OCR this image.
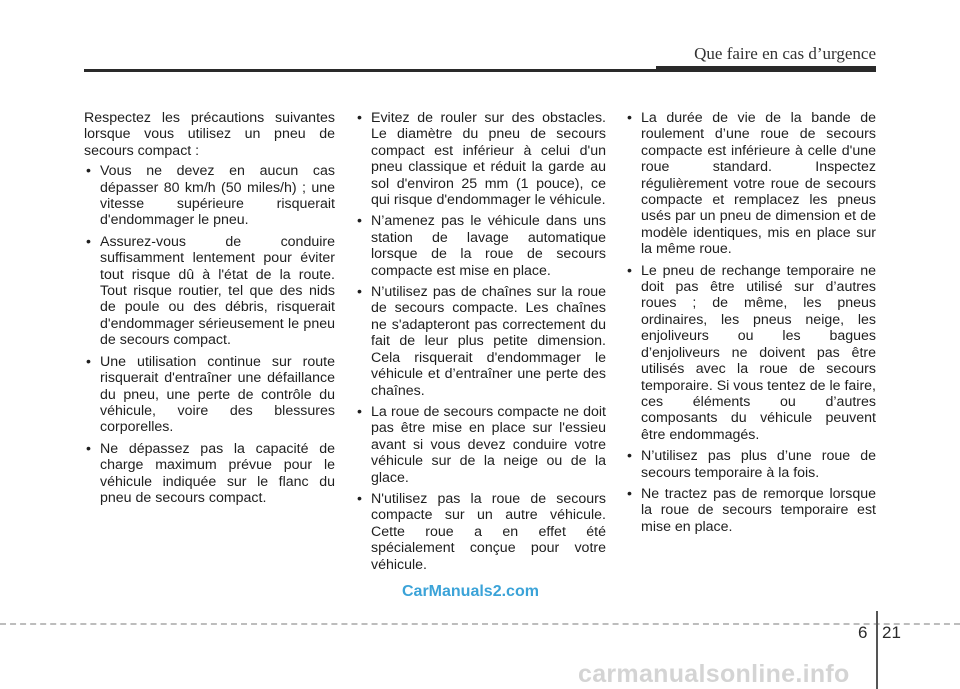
Que faire en cas d’urgence

Respectez les précautions suivantes lorsque vous utilisez un pneu de secours compact :

• Vous ne devez en aucun cas dépasser 80 km/h (50 miles/h) ; une vitesse supérieure risquerait d'endommager le pneu.
• Assurez-vous de conduire suffisamment lentement pour éviter tout risque dû à l'état de la route. Tout risque routier, tel que des nids de poule ou des débris, risquerait d'endommager sérieusement le pneu de secours compact.
• Une utilisation continue sur route risquerait d'entraîner une défaillance du pneu, une perte de contrôle du véhicule, voire des blessures corporelles.
• Ne dépassez pas la capacité de charge maximum prévue pour le véhicule indiquée sur le flanc du pneu de secours compact.
• Evitez de rouler sur des obstacles. Le diamètre du pneu de secours compact est inférieur à celui d'un pneu classique et réduit la garde au sol d'environ 25 mm (1 pouce), ce qui risque d'endommager le véhicule.
• N’amenez pas le véhicule dans uns station de lavage automatique lorsque de la roue de secours compacte est mise en place.
• N’utilisez pas de chaînes sur la roue de secours compacte. Les chaînes ne s'adapteront pas correctement du fait de leur plus petite dimension. Cela risquerait d'endommager le véhicule et d’entraîner une perte des chaînes.
• La roue de secours compacte ne doit pas être mise en place sur l'essieu avant si vous devez conduire votre véhicule sur de la neige ou de la glace.
• N'utilisez pas la roue de secours compacte sur un autre véhicule. Cette roue a en effet été spécialement conçue pour votre véhicule.
• La durée de vie de la bande de roulement d’une roue de secours compacte est inférieure à celle d'une roue standard. Inspectez régulièrement votre roue de secours compacte et remplacez les pneus usés par un pneu de dimension et de modèle identiques, mis en place sur la même roue.
• Le pneu de rechange temporaire ne doit pas être utilisé sur d’autres roues ; de même, les pneus ordinaires, les pneus neige, les enjoliveurs ou les bagues d’enjoliveurs ne doivent pas être utilisés avec la roue de secours temporaire. Si vous tentez de le faire, ces éléments ou d’autres composants du véhicule peuvent être endommagés.
• N’utilisez pas plus d’une roue de secours temporaire à la fois.
• Ne tractez pas de remorque lorsque la roue de secours temporaire est mise en place.
CarManuals2.com
6 21
carmanualsonline.info
